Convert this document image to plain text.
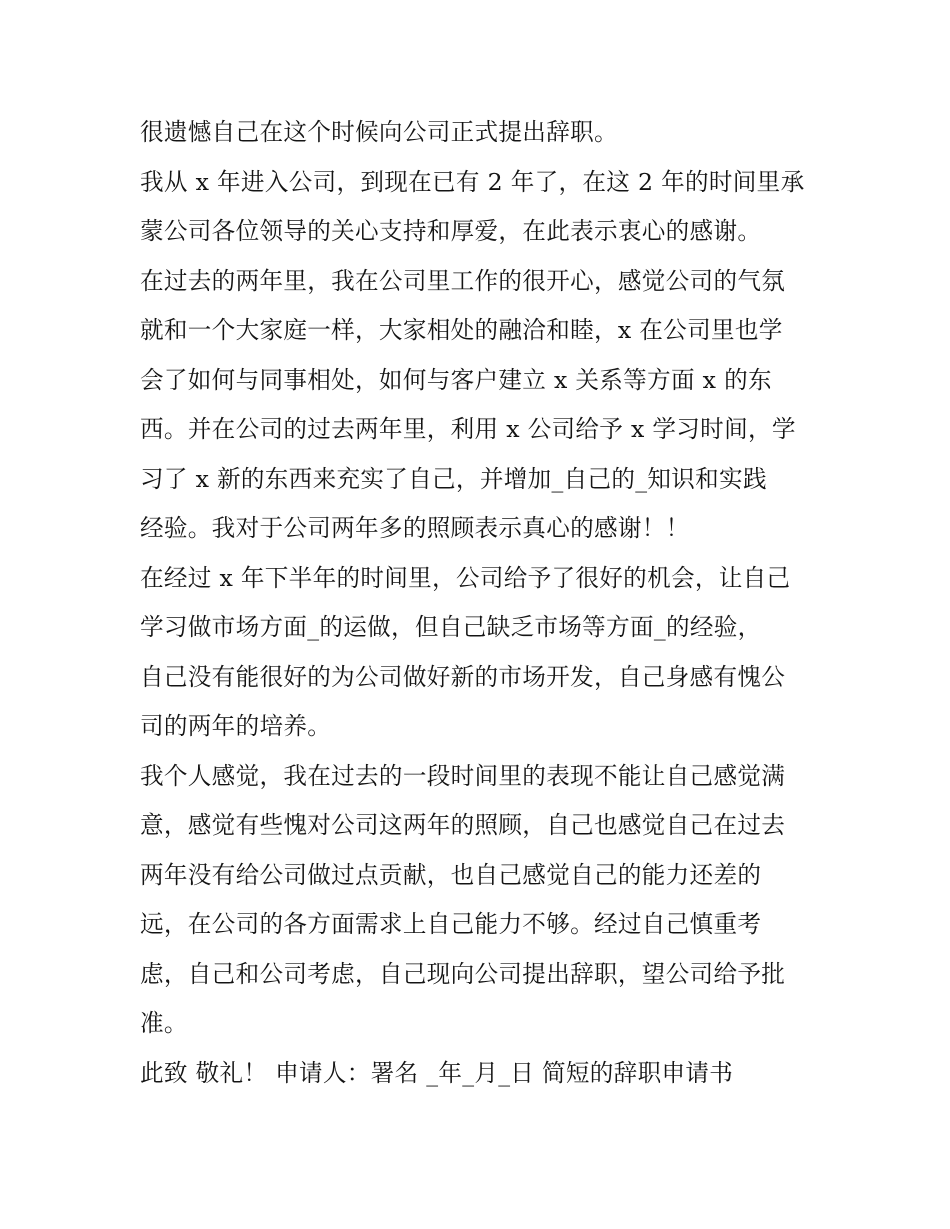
很遗憾自己在这个时候向公司正式提出辞职。
我从 x 年进入公司，到现在已有 2 年了，在这 2 年的时间里承
蒙公司各位领导的关心支持和厚爱，在此表示衷心的感谢。
在过去的两年里，我在公司里工作的很开心，感觉公司的气氛
就和一个大家庭一样，大家相处的融洽和睦，x 在公司里也学
会了如何与同事相处，如何与客户建立 x 关系等方面 x 的东
西。并在公司的过去两年里，利用 x 公司给予 x 学习时间，学
习了 x 新的东西来充实了自己，并增加_自己的_知识和实践
经验。我对于公司两年多的照顾表示真心的感谢！！
在经过 x 年下半年的时间里，公司给予了很好的机会，让自己
学习做市场方面_的运做，但自己缺乏市场等方面_的经验，
自己没有能很好的为公司做好新的市场开发，自己身感有愧公
司的两年的培养。
我个人感觉，我在过去的一段时间里的表现不能让自己感觉满
意，感觉有些愧对公司这两年的照顾，自己也感觉自己在过去
两年没有给公司做过点贡献，也自己感觉自己的能力还差的
远，在公司的各方面需求上自己能力不够。经过自己慎重考
虑，自己和公司考虑，自己现向公司提出辞职，望公司给予批
准。
此致 敬礼！ 申请人：署名 _年_月_日 简短的辞职申请书
